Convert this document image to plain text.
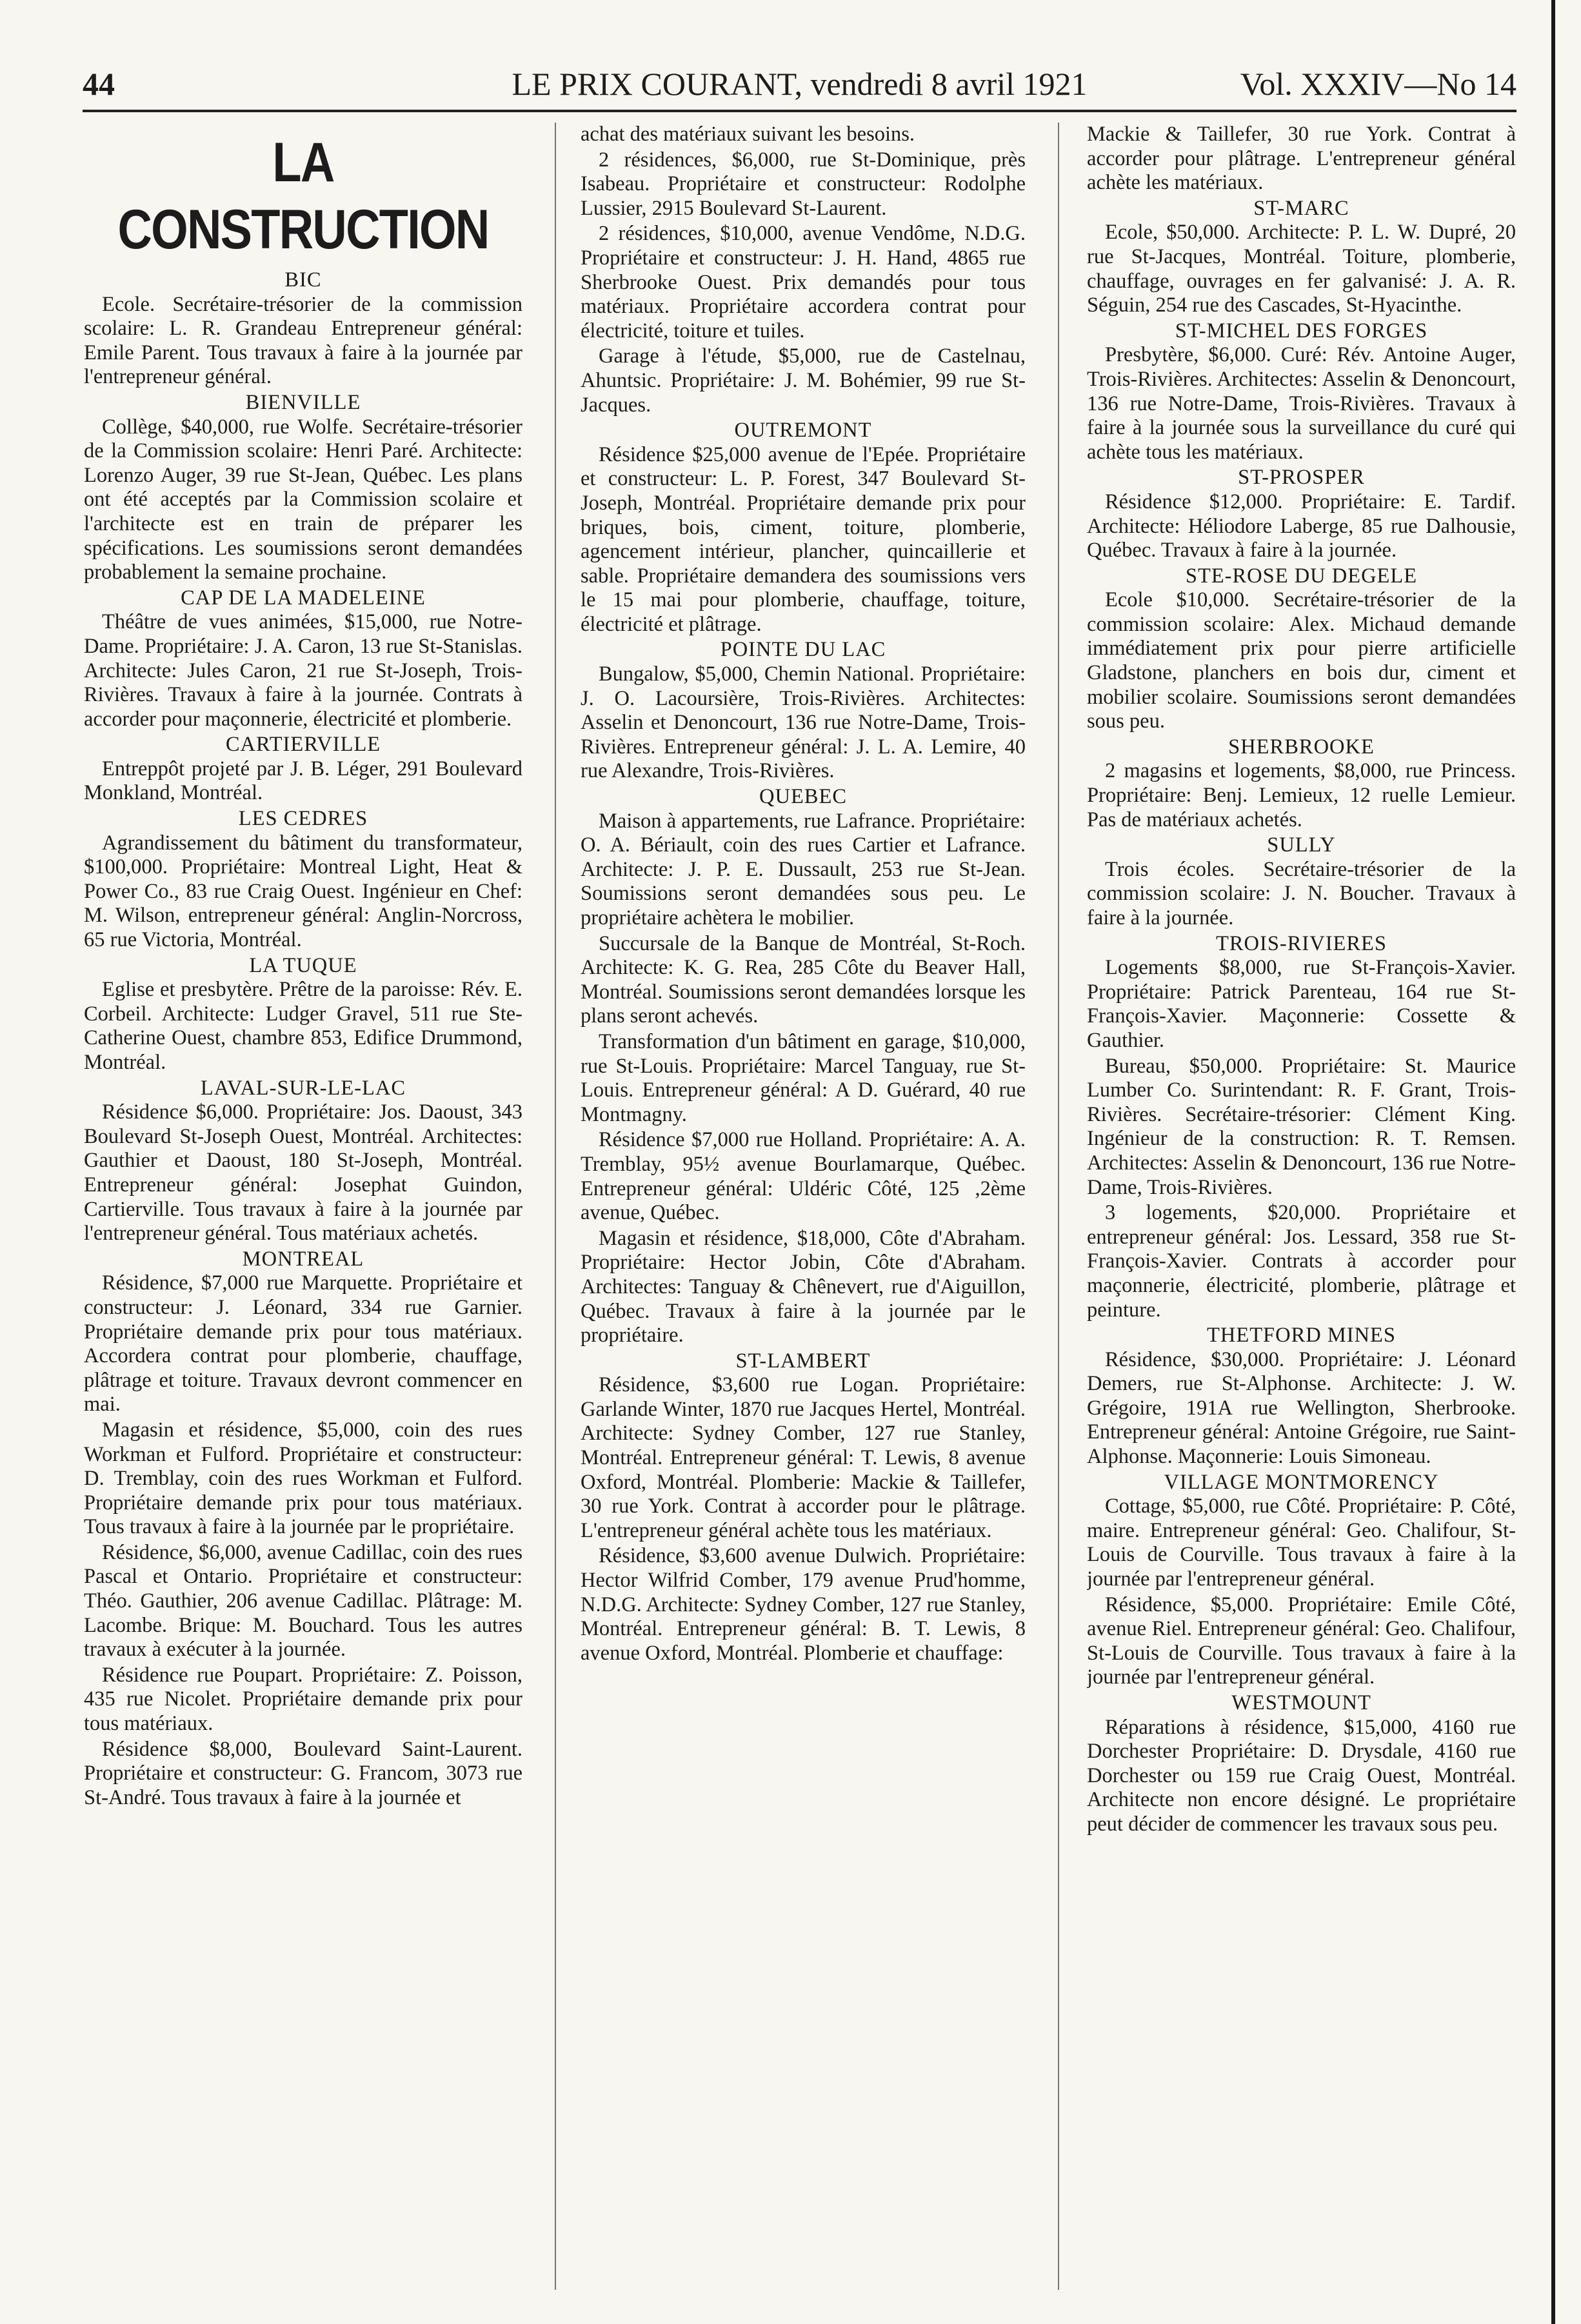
44	LE PRIX COURANT, vendredi 8 avril 1921	Vol. XXXIV—No 14
LA CONSTRUCTION

BIC

Ecole. Secrétaire-trésorier de la commission scolaire: L. R. Grandeau Entrepreneur général: Emile Parent. Tous travaux à faire à la journée par l'entrepreneur général.

BIENVILLE

Collège, $40,000, rue Wolfe. Secrétaire-trésorier de la Commission scolaire: Henri Paré. Architecte: Lorenzo Auger, 39 rue St-Jean, Québec. Les plans ont été acceptés par la Commission scolaire et l'architecte est en train de préparer les spécifications. Les soumissions seront demandées probablement la semaine prochaine.

CAP DE LA MADELEINE

Théâtre de vues animées, $15,000, rue Notre-Dame. Propriétaire: J. A. Caron, 13 rue St-Stanislas. Architecte: Jules Caron, 21 rue St-Joseph, Trois-Rivières. Travaux à faire à la journée. Contrats à accorder pour maçonnerie, électricité et plomberie.

CARTIERVILLE

Entreppôt projeté par J. B. Léger, 291 Boulevard Monkland, Montréal.

LES CEDRES

Agrandissement du bâtiment du transformateur, $100,000. Propriétaire: Montreal Light, Heat & Power Co., 83 rue Craig Ouest. Ingénieur en Chef: M. Wilson, entrepreneur général: Anglin-Norcross, 65 rue Victoria, Montréal.

LA TUQUE

Eglise et presbytère. Prêtre de la paroisse: Rév. E. Corbeil. Architecte: Ludger Gravel, 511 rue Ste-Catherine Ouest, chambre 853, Edifice Drummond, Montréal.

LAVAL-SUR-LE-LAC

Résidence $6,000. Propriétaire: Jos. Daoust, 343 Boulevard St-Joseph Ouest, Montréal. Architectes: Gauthier et Daoust, 180 St-Joseph, Montréal. Entrepreneur général: Josephat Guindon, Cartierville. Tous travaux à faire à la journée par l'entrepreneur général. Tous matériaux achetés.

MONTREAL

Résidence, $7,000 rue Marquette. Propriétaire et constructeur: J. Léonard, 334 rue Garnier. Propriétaire demande prix pour tous matériaux. Accordera contrat pour plomberie, chauffage, plâtrage et toiture. Travaux devront commencer en mai.

Magasin et résidence, $5,000, coin des rues Workman et Fulford. Propriétaire et constructeur: D. Tremblay, coin des rues Workman et Fulford. Propriétaire demande prix pour tous matériaux. Tous travaux à faire à la journée par le propriétaire.

Résidence, $6,000, avenue Cadillac, coin des rues Pascal et Ontario. Propriétaire et constructeur: Théo. Gauthier, 206 avenue Cadillac. Plâtrage: M. Lacombe. Brique: M. Bouchard. Tous les autres travaux à exécuter à la journée.

Résidence rue Poupart. Propriétaire: Z. Poisson, 435 rue Nicolet. Propriétaire demande prix pour tous matériaux.

Résidence $8,000, Boulevard Saint-Laurent. Propriétaire et constructeur: G. Francom, 3073 rue St-André. Tous travaux à faire à la journée et

achat des matériaux suivant les besoins.

2 résidences, $6,000, rue St-Dominique, près Isabeau. Propriétaire et constructeur: Rodolphe Lussier, 2915 Boulevard St-Laurent.

2 résidences, $10,000, avenue Vendôme, N.D.G. Propriétaire et constructeur: J. H. Hand, 4865 rue Sherbrooke Ouest. Prix demandés pour tous matériaux. Propriétaire accordera contrat pour électricité, toiture et tuiles.

Garage à l'étude, $5,000, rue de Castelnau, Ahuntsic. Propriétaire: J. M. Bohémier, 99 rue St-Jacques.

OUTREMONT

Résidence $25,000 avenue de l'Epée. Propriétaire et constructeur: L. P. Forest, 347 Boulevard St-Joseph, Montréal. Propriétaire demande prix pour briques, bois, ciment, toiture, plomberie, agencement intérieur, plancher, quincaillerie et sable. Propriétaire demandera des soumissions vers le 15 mai pour plomberie, chauffage, toiture, électricité et plâtrage.

POINTE DU LAC

Bungalow, $5,000, Chemin National. Propriétaire: J. O. Lacoursière, Trois-Rivières. Architectes: Asselin et Denoncourt, 136 rue Notre-Dame, Trois-Rivières. Entrepreneur général: J. L. A. Lemire, 40 rue Alexandre, Trois-Rivières.

QUEBEC

Maison à appartements, rue Lafrance. Propriétaire: O. A. Bériault, coin des rues Cartier et Lafrance. Architecte: J. P. E. Dussault, 253 rue St-Jean. Soumissions seront demandées sous peu. Le propriétaire achètera le mobilier.

Succursale de la Banque de Montréal, St-Roch. Architecte: K. G. Rea, 285 Côte du Beaver Hall, Montréal. Soumissions seront demandées lorsque les plans seront achevés.

Transformation d'un bâtiment en garage, $10,000, rue St-Louis. Propriétaire: Marcel Tanguay, rue St-Louis. Entrepreneur général: A D. Guérard, 40 rue Montmagny.

Résidence $7,000 rue Holland. Propriétaire: A. A. Tremblay, 95½ avenue Bourlamarque, Québec. Entrepreneur général: Uldéric Côté, 125 ,2ème avenue, Québec.

Magasin et résidence, $18,000, Côte d'Abraham. Propriétaire: Hector Jobin, Côte d'Abraham. Architectes: Tanguay & Chênevert, rue d'Aiguillon, Québec. Travaux à faire à la journée par le propriétaire.

ST-LAMBERT

Résidence, $3,600 rue Logan. Propriétaire: Garlande Winter, 1870 rue Jacques Hertel, Montréal. Architecte: Sydney Comber, 127 rue Stanley, Montréal. Entrepreneur général: T. Lewis, 8 avenue Oxford, Montréal. Plomberie: Mackie & Taillefer, 30 rue York. Contrat à accorder pour le plâtrage. L'entrepreneur général achète tous les matériaux.

Résidence, $3,600 avenue Dulwich. Propriétaire: Hector Wilfrid Comber, 179 avenue Prud'homme, N.D.G. Architecte: Sydney Comber, 127 rue Stanley, Montréal. Entrepreneur général: B. T. Lewis, 8 avenue Oxford, Montréal. Plomberie et chauffage:

Mackie & Taillefer, 30 rue York. Contrat à accorder pour plâtrage. L'entrepreneur général achète les matériaux.

ST-MARC

Ecole, $50,000. Architecte: P. L. W. Dupré, 20 rue St-Jacques, Montréal. Toiture, plomberie, chauffage, ouvrages en fer galvanisé: J. A. R. Séguin, 254 rue des Cascades, St-Hyacinthe.

ST-MICHEL DES FORGES

Presbytère, $6,000. Curé: Rév. Antoine Auger, Trois-Rivières. Architectes: Asselin & Denoncourt, 136 rue Notre-Dame, Trois-Rivières. Travaux à faire à la journée sous la surveillance du curé qui achète tous les matériaux.

ST-PROSPER

Résidence $12,000. Propriétaire: E. Tardif. Architecte: Héliodore Laberge, 85 rue Dalhousie, Québec. Travaux à faire à la journée.

STE-ROSE DU DEGELE

Ecole $10,000. Secrétaire-trésorier de la commission scolaire: Alex. Michaud demande immédiatement prix pour pierre artificielle Gladstone, planchers en bois dur, ciment et mobilier scolaire. Soumissions seront demandées sous peu.

SHERBROOKE

2 magasins et logements, $8,000, rue Princess. Propriétaire: Benj. Lemieux, 12 ruelle Lemieur. Pas de matériaux achetés.

SULLY

Trois écoles. Secrétaire-trésorier de la commission scolaire: J. N. Boucher. Travaux à faire à la journée.

TROIS-RIVIERES

Logements $8,000, rue St-François-Xavier. Propriétaire: Patrick Parenteau, 164 rue St-François-Xavier. Maçonnerie: Cossette & Gauthier.

Bureau, $50,000. Propriétaire: St. Maurice Lumber Co. Surintendant: R. F. Grant, Trois-Rivières. Secrétaire-trésorier: Clément King. Ingénieur de la construction: R. T. Remsen. Architectes: Asselin & Denoncourt, 136 rue Notre-Dame, Trois-Rivières.

3 logements, $20,000. Propriétaire et entrepreneur général: Jos. Lessard, 358 rue St-François-Xavier. Contrats à accorder pour maçonnerie, électricité, plomberie, plâtrage et peinture.

THETFORD MINES

Résidence, $30,000. Propriétaire: J. Léonard Demers, rue St-Alphonse. Architecte: J. W. Grégoire, 191A rue Wellington, Sherbrooke. Entrepreneur général: Antoine Grégoire, rue Saint-Alphonse. Maçonnerie: Louis Simoneau.

VILLAGE MONTMORENCY

Cottage, $5,000, rue Côté. Propriétaire: P. Côté, maire. Entrepreneur général: Geo. Chalifour, St-Louis de Courville. Tous travaux à faire à la journée par l'entrepreneur général.

Résidence, $5,000. Propriétaire: Emile Côté, avenue Riel. Entrepreneur général: Geo. Chalifour, St-Louis de Courville. Tous travaux à faire à la journée par l'entrepreneur général.

WESTMOUNT

Réparations à résidence, $15,000, 4160 rue Dorchester Propriétaire: D. Drysdale, 4160 rue Dorchester ou 159 rue Craig Ouest, Montréal. Architecte non encore désigné. Le propriétaire peut décider de commencer les travaux sous peu.
